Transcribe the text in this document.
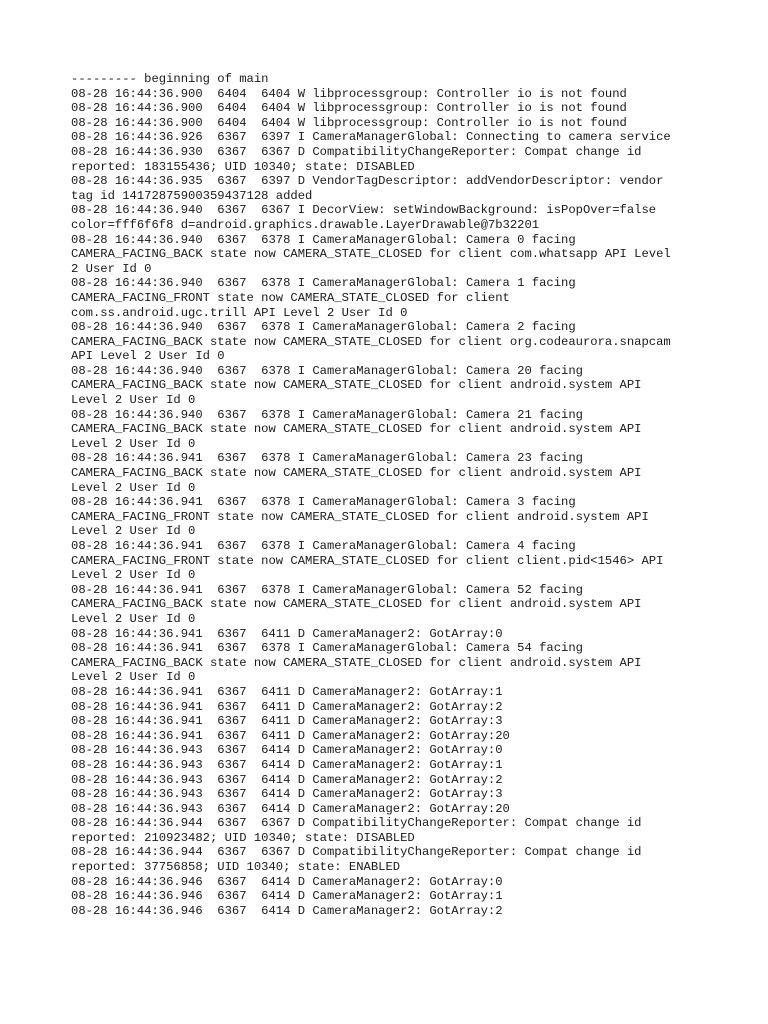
--------- beginning of main
08-28 16:44:36.900  6404  6404 W libprocessgroup: Controller io is not found
08-28 16:44:36.900  6404  6404 W libprocessgroup: Controller io is not found
08-28 16:44:36.900  6404  6404 W libprocessgroup: Controller io is not found
08-28 16:44:36.926  6367  6397 I CameraManagerGlobal: Connecting to camera service
08-28 16:44:36.930  6367  6367 D CompatibilityChangeReporter: Compat change id
reported: 183155436; UID 10340; state: DISABLED
08-28 16:44:36.935  6367  6397 D VendorTagDescriptor: addVendorDescriptor: vendor
tag id 14172875900359437128 added
08-28 16:44:36.940  6367  6367 I DecorView: setWindowBackground: isPopOver=false
color=fff6f6f8 d=android.graphics.drawable.LayerDrawable@7b32201
08-28 16:44:36.940  6367  6378 I CameraManagerGlobal: Camera 0 facing
CAMERA_FACING_BACK state now CAMERA_STATE_CLOSED for client com.whatsapp API Level
2 User Id 0
08-28 16:44:36.940  6367  6378 I CameraManagerGlobal: Camera 1 facing
CAMERA_FACING_FRONT state now CAMERA_STATE_CLOSED for client
com.ss.android.ugc.trill API Level 2 User Id 0
08-28 16:44:36.940  6367  6378 I CameraManagerGlobal: Camera 2 facing
CAMERA_FACING_BACK state now CAMERA_STATE_CLOSED for client org.codeaurora.snapcam
API Level 2 User Id 0
08-28 16:44:36.940  6367  6378 I CameraManagerGlobal: Camera 20 facing
CAMERA_FACING_BACK state now CAMERA_STATE_CLOSED for client android.system API
Level 2 User Id 0
08-28 16:44:36.940  6367  6378 I CameraManagerGlobal: Camera 21 facing
CAMERA_FACING_BACK state now CAMERA_STATE_CLOSED for client android.system API
Level 2 User Id 0
08-28 16:44:36.941  6367  6378 I CameraManagerGlobal: Camera 23 facing
CAMERA_FACING_BACK state now CAMERA_STATE_CLOSED for client android.system API
Level 2 User Id 0
08-28 16:44:36.941  6367  6378 I CameraManagerGlobal: Camera 3 facing
CAMERA_FACING_FRONT state now CAMERA_STATE_CLOSED for client android.system API
Level 2 User Id 0
08-28 16:44:36.941  6367  6378 I CameraManagerGlobal: Camera 4 facing
CAMERA_FACING_FRONT state now CAMERA_STATE_CLOSED for client client.pid<1546> API
Level 2 User Id 0
08-28 16:44:36.941  6367  6378 I CameraManagerGlobal: Camera 52 facing
CAMERA_FACING_BACK state now CAMERA_STATE_CLOSED for client android.system API
Level 2 User Id 0
08-28 16:44:36.941  6367  6411 D CameraManager2: GotArray:0
08-28 16:44:36.941  6367  6378 I CameraManagerGlobal: Camera 54 facing
CAMERA_FACING_BACK state now CAMERA_STATE_CLOSED for client android.system API
Level 2 User Id 0
08-28 16:44:36.941  6367  6411 D CameraManager2: GotArray:1
08-28 16:44:36.941  6367  6411 D CameraManager2: GotArray:2
08-28 16:44:36.941  6367  6411 D CameraManager2: GotArray:3
08-28 16:44:36.941  6367  6411 D CameraManager2: GotArray:20
08-28 16:44:36.943  6367  6414 D CameraManager2: GotArray:0
08-28 16:44:36.943  6367  6414 D CameraManager2: GotArray:1
08-28 16:44:36.943  6367  6414 D CameraManager2: GotArray:2
08-28 16:44:36.943  6367  6414 D CameraManager2: GotArray:3
08-28 16:44:36.943  6367  6414 D CameraManager2: GotArray:20
08-28 16:44:36.944  6367  6367 D CompatibilityChangeReporter: Compat change id
reported: 210923482; UID 10340; state: DISABLED
08-28 16:44:36.944  6367  6367 D CompatibilityChangeReporter: Compat change id
reported: 37756858; UID 10340; state: ENABLED
08-28 16:44:36.946  6367  6414 D CameraManager2: GotArray:0
08-28 16:44:36.946  6367  6414 D CameraManager2: GotArray:1
08-28 16:44:36.946  6367  6414 D CameraManager2: GotArray:2
